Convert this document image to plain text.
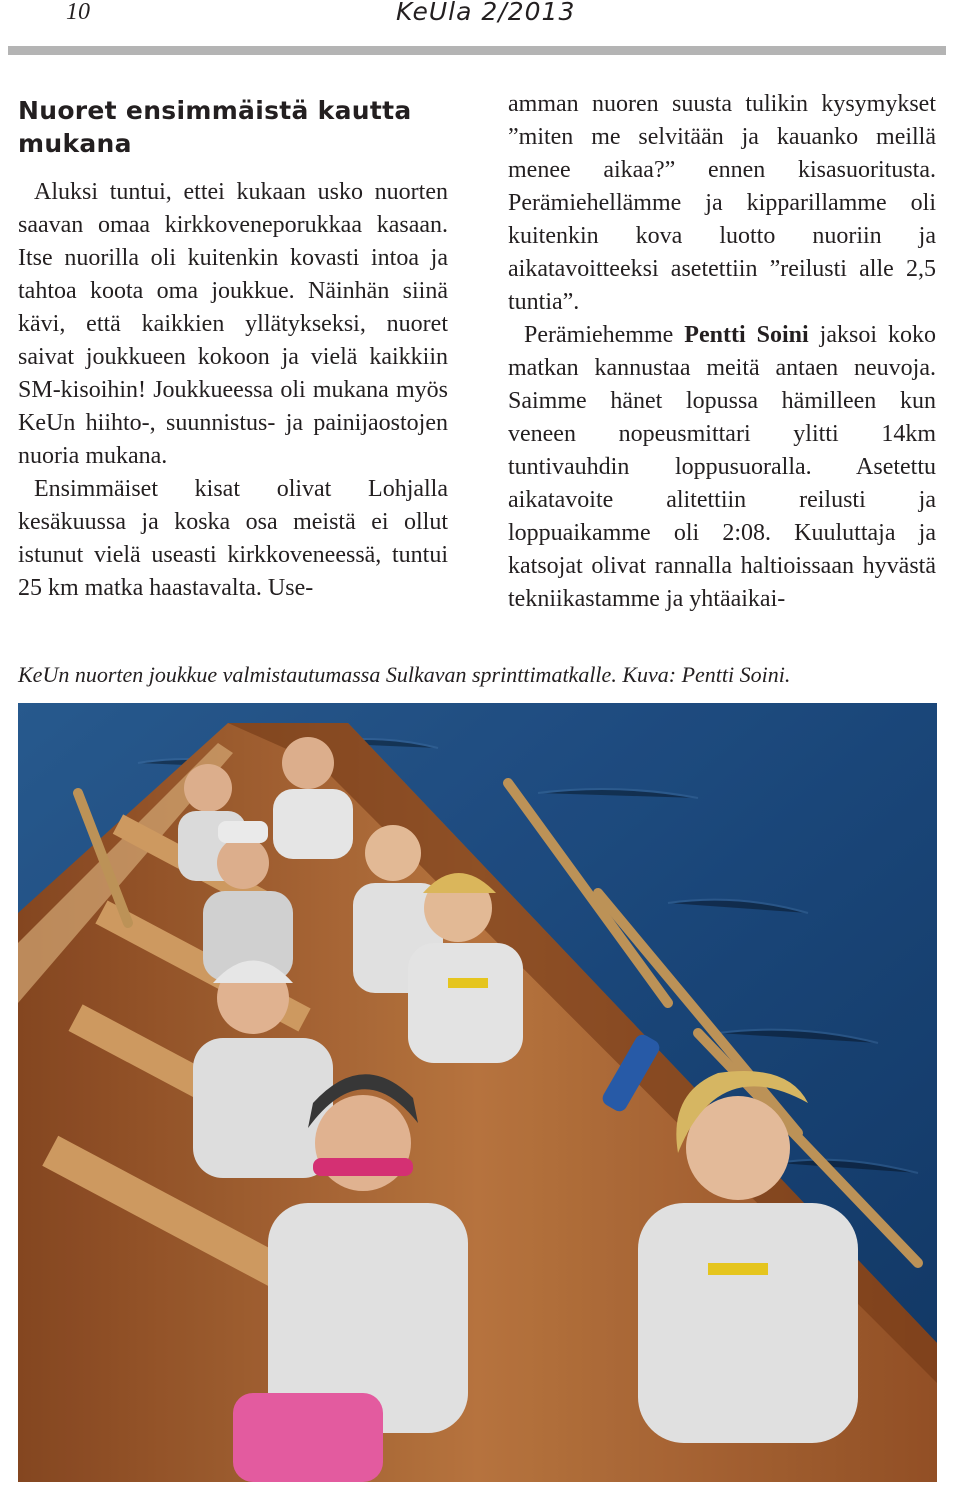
10	KeUla 2/2013
Nuoret ensimmäistä kautta mukana

Aluksi tuntui, ettei kukaan usko nuorten saavan omaa kirkkoveneporukkaa kasaan. Itse nuorilla oli kuitenkin kovasti intoa ja tahtoa koota oma joukkue. Näinhän siinä kävi, että kaikkien yllätykseksi, nuoret saivat joukkueen kokoon ja vielä kaikkiin SM-kisoihin! Joukkueessa oli mukana myös KeUn hiihto-, suunnistus- ja painijaostojen nuoria mukana.

Ensimmäiset kisat olivat Lohjalla kesäkuussa ja koska osa meistä ei ollut istunut vielä useasti kirkkoveneessä, tuntui 25 km matka haastavalta. Use-

amman nuoren suusta tulikin kysymykset ”miten me selvitään ja kauanko meillä menee aikaa?” ennen kisasuoritusta. Perämiehellämme ja kipparillamme oli kuitenkin kova luotto nuoriin ja aikatavoitteeksi asetettiin ”reilusti alle 2,5 tuntia”.

Perämiehemme Pentti Soini jaksoi koko matkan kannustaa meitä antaen neuvoja. Saimme hänet lopussa hämilleen kun veneen nopeusmittari ylitti 14km tuntivauhdin loppusuoralla. Asetettu aikatavoite alitettiin reilusti ja loppuaikamme oli 2:08. Kuuluttaja ja katsojat olivat rannalla haltioissaan hyvästä tekniikastamme ja yhtäaikai-

KeUn nuorten joukkue valmistautumassa Sulkavan sprinttimatkalle. Kuva: Pentti Soini.
